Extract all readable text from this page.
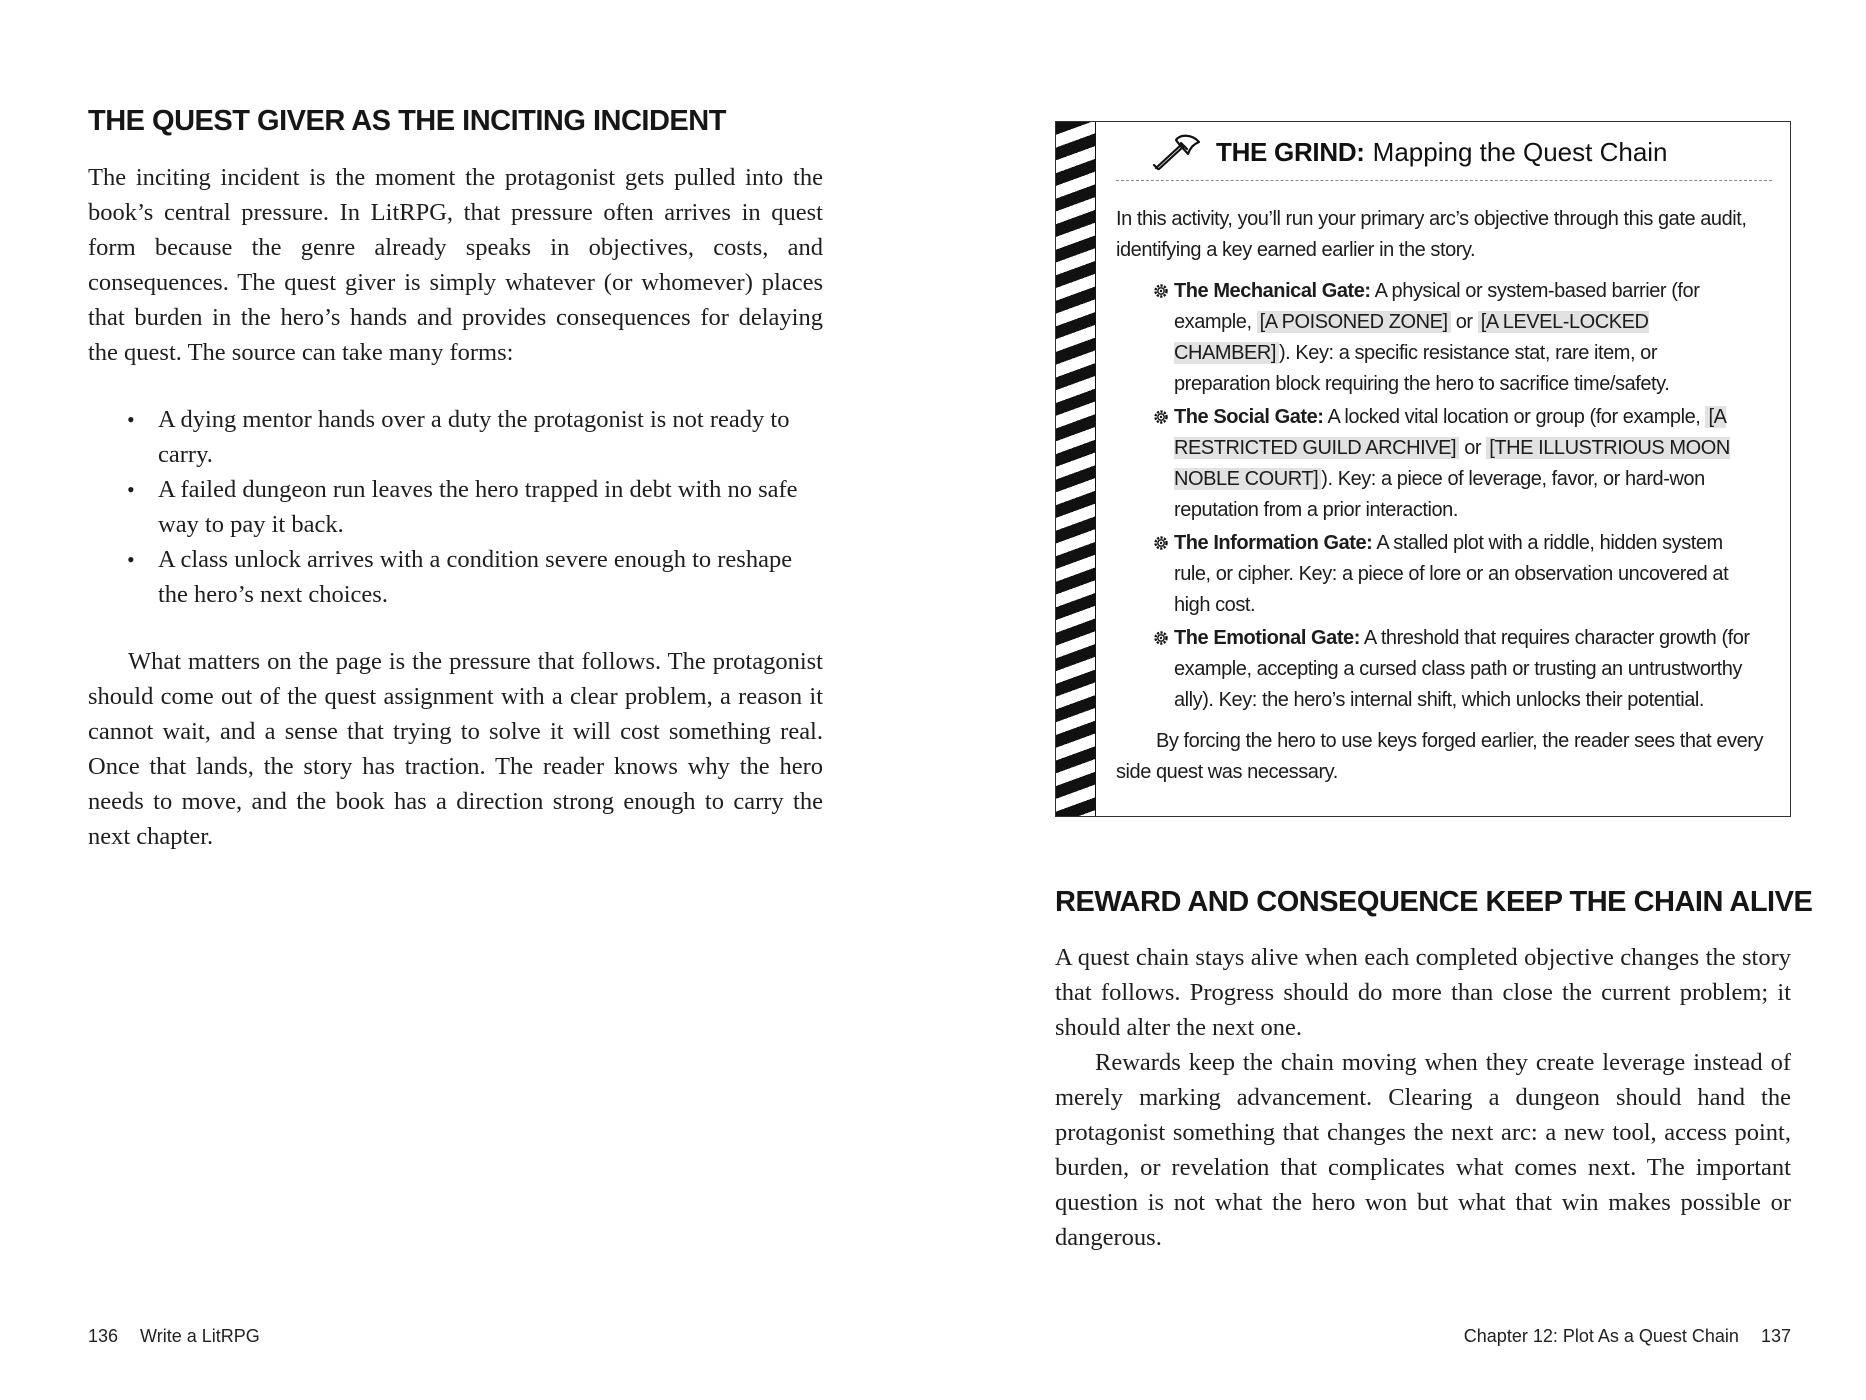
THE QUEST GIVER AS THE INCITING INCIDENT

The inciting incident is the moment the protagonist gets pulled into the book’s central pressure. In LitRPG, that pressure often arrives in quest form because the genre already speaks in objectives, costs, and consequences. The quest giver is simply whatever (or whomever) places that burden in the hero’s hands and provides consequences for delaying the quest. The source can take many forms:

• A dying mentor hands over a duty the protagonist is not ready to carry.
• A failed dungeon run leaves the hero trapped in debt with no safe way to pay it back.
• A class unlock arrives with a condition severe enough to reshape the hero’s next choices.

What matters on the page is the pressure that follows. The protagonist should come out of the quest assignment with a clear problem, a reason it cannot wait, and a sense that trying to solve it will cost something real. Once that lands, the story has traction. The reader knows why the hero needs to move, and the book has a direction strong enough to carry the next chapter.

136 Write a LitRPG
THE GRIND: Mapping the Quest Chain

In this activity, you’ll run your primary arc’s objective through this gate audit, identifying a key earned earlier in the story.

The Mechanical Gate: A physical or system-based barrier (for example, [A POISONED ZONE] or [A LEVEL-LOCKED CHAMBER] ). Key: a specific resistance stat, rare item, or preparation block requiring the hero to sacrifice time/safety.
The Social Gate: A locked vital location or group (for example, [A RESTRICTED GUILD ARCHIVE] or [THE ILLUSTRIOUS MOON NOBLE COURT] ). Key: a piece of leverage, favor, or hard-won reputation from a prior interaction.
The Information Gate: A stalled plot with a riddle, hidden system rule, or cipher. Key: a piece of lore or an observation uncovered at high cost.
The Emotional Gate: A threshold that requires character growth (for example, accepting a cursed class path or trusting an untrustworthy ally). Key: the hero’s internal shift, which unlocks their potential.

By forcing the hero to use keys forged earlier, the reader sees that every side quest was necessary.

REWARD AND CONSEQUENCE KEEP THE CHAIN ALIVE

A quest chain stays alive when each completed objective changes the story that follows. Progress should do more than close the current problem; it should alter the next one.

Rewards keep the chain moving when they create leverage instead of merely marking advancement. Clearing a dungeon should hand the protagonist something that changes the next arc: a new tool, access point, burden, or revelation that complicates what comes next. The important question is not what the hero won but what that win makes possible or dangerous.

Chapter 12: Plot As a Quest Chain 137
